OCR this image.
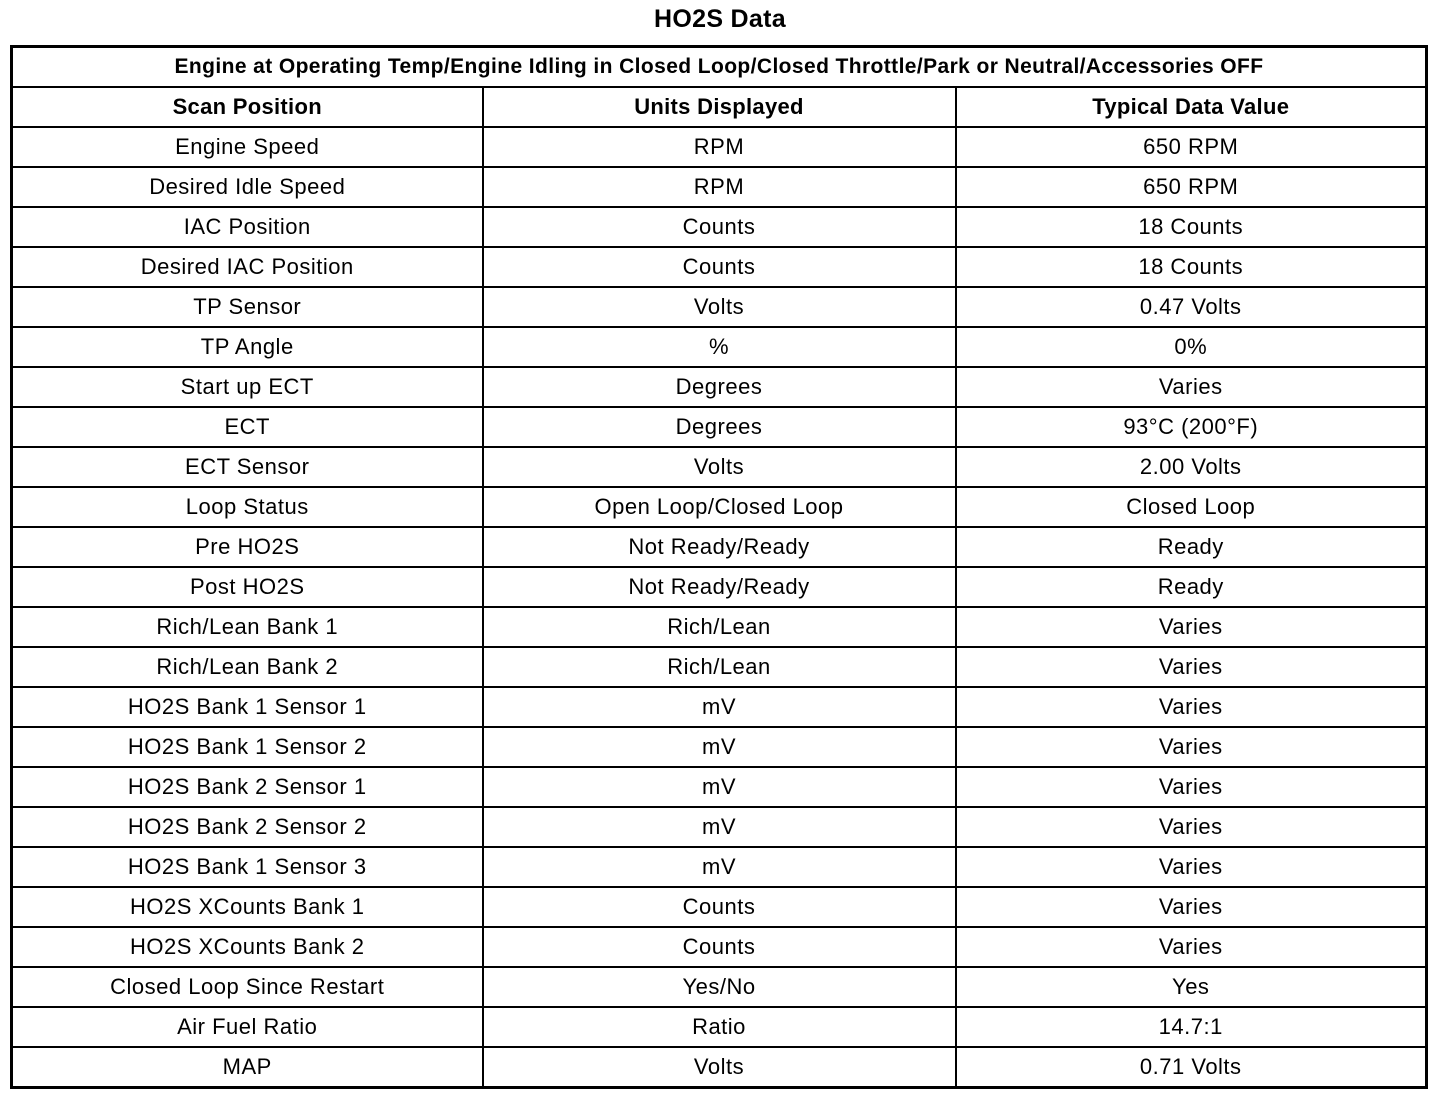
HO2S Data
Engine at Operating Temp/Engine Idling in Closed Loop/Closed Throttle/Park or Neutral/Accessories OFF		
Scan Position	Units Displayed	Typical Data Value
Engine Speed	RPM	650 RPM
Desired Idle Speed	RPM	650 RPM
IAC Position	Counts	18 Counts
Desired IAC Position	Counts	18 Counts
TP Sensor	Volts	0.47 Volts
TP Angle	%	0%
Start up ECT	Degrees	Varies
ECT	Degrees	93°C (200°F)
ECT Sensor	Volts	2.00 Volts
Loop Status	Open Loop/Closed Loop	Closed Loop
Pre HO2S	Not Ready/Ready	Ready
Post HO2S	Not Ready/Ready	Ready
Rich/Lean Bank 1	Rich/Lean	Varies
Rich/Lean Bank 2	Rich/Lean	Varies
HO2S Bank 1 Sensor 1	mV	Varies
HO2S Bank 1 Sensor 2	mV	Varies
HO2S Bank 2 Sensor 1	mV	Varies
HO2S Bank 2 Sensor 2	mV	Varies
HO2S Bank 1 Sensor 3	mV	Varies
HO2S XCounts Bank 1	Counts	Varies
HO2S XCounts Bank 2	Counts	Varies
Closed Loop Since Restart	Yes/No	Yes
Air Fuel Ratio	Ratio	14.7:1
MAP	Volts	0.71 Volts
